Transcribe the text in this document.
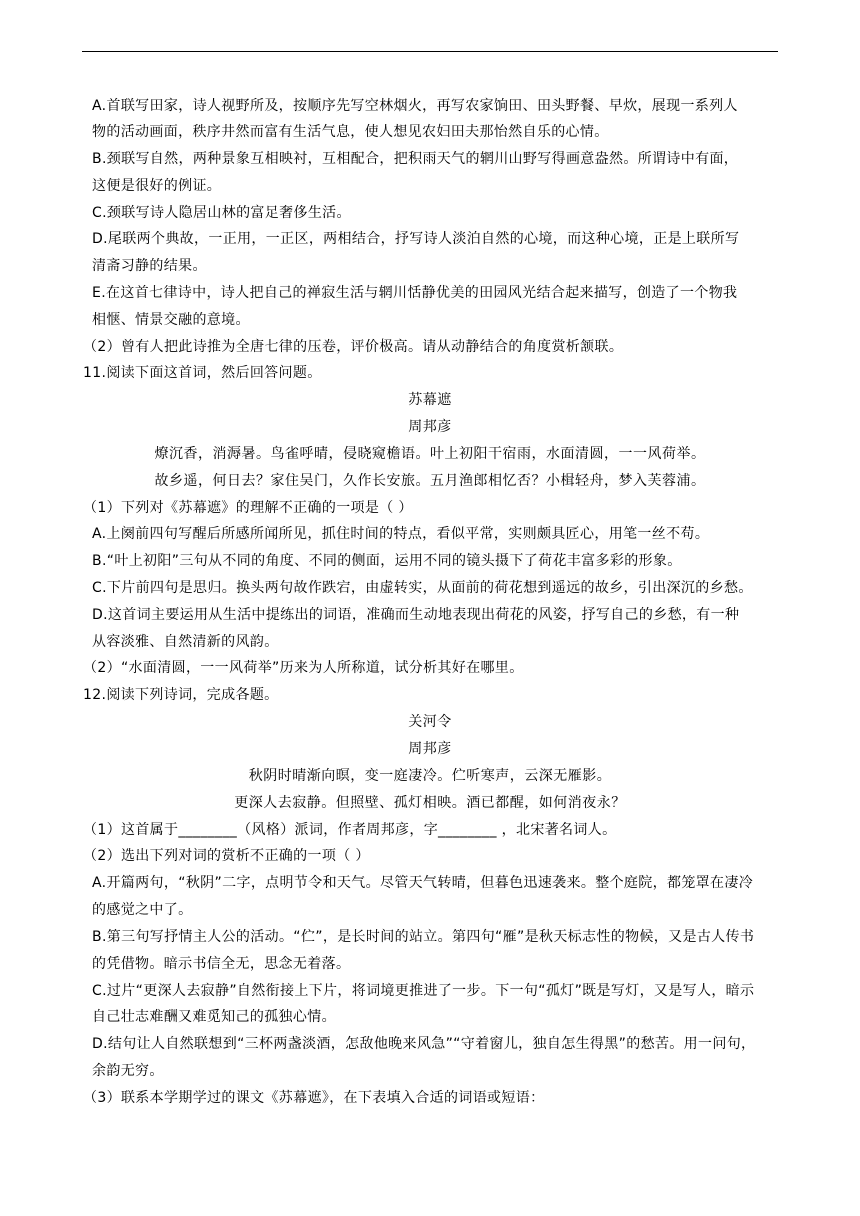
A.首联写田家，诗人视野所及，按顺序先写空林烟火，再写农家饷田、田头野餐、早炊，展现一系列人
物的活动画面，秩序井然而富有生活气息，使人想见农妇田夫那怡然自乐的心情。
B.颈联写自然，两种景象互相映衬，互相配合，把积雨天气的辋川山野写得画意盎然。所谓诗中有面，
这便是很好的例证。
C.颈联写诗人隐居山林的富足奢侈生活。
D.尾联两个典故，一正用，一正区，两相结合，抒写诗人淡泊自然的心境，而这种心境，正是上联所写
清斋习静的结果。
E.在这首七律诗中，诗人把自己的禅寂生活与辋川恬静优美的田园风光结合起来描写，创造了一个物我
相惬、情景交融的意境。
（2）曾有人把此诗推为全唐七律的压卷，评价极高。请从动静结合的角度赏析颔联。
11.阅读下面这首词，然后回答问题。
苏幕遮
周邦彦
燎沉香，消溽暑。鸟雀呼晴，侵晓窥檐语。叶上初阳干宿雨，水面清圆，一一风荷举。
故乡遥，何日去？家住吴门，久作长安旅。五月渔郎相忆否？小楫轻舟，梦入芙蓉浦。
（1）下列对《苏幕遮》的理解不正确的一项是（ ）
A.上阕前四句写醒后所感所闻所见，抓住时间的特点，看似平常，实则颇具匠心，用笔一丝不苟。
B.“叶上初阳”三句从不同的角度、不同的侧面，运用不同的镜头摄下了荷花丰富多彩的形象。
C.下片前四句是思归。换头两句故作跌宕，由虚转实，从面前的荷花想到遥远的故乡，引出深沉的乡愁。
D.这首词主要运用从生活中提练出的词语，准确而生动地表现出荷花的风姿，抒写自己的乡愁，有一种
从容淡雅、自然清新的风韵。
（2）“水面清圆，一一风荷举”历来为人所称道，试分析其好在哪里。
12.阅读下列诗词，完成各题。
关河令
周邦彦
秋阴时晴渐向暝，变一庭凄冷。伫听寒声，云深无雁影。
更深人去寂静。但照壁、孤灯相映。酒已都醒，如何消夜永？
（1）这首属于________（风格）派词，作者周邦彦，字________ ，北宋著名词人。
（2）选出下列对词的赏析不正确的一项（ ）
A.开篇两句，“秋阴”二字，点明节令和天气。尽管天气转晴，但暮色迅速袭来。整个庭院，都笼罩在凄冷
的感觉之中了。
B.第三句写抒情主人公的活动。“伫”，是长时间的站立。第四句“雁”是秋天标志性的物候，又是古人传书
的凭借物。暗示书信全无，思念无着落。
C.过片“更深人去寂静”自然衔接上下片，将词境更推进了一步。下一句“孤灯”既是写灯，又是写人，暗示
自己壮志难酬又难觅知己的孤独心情。
D.结句让人自然联想到“三杯两盏淡酒，怎敌他晚来风急”“守着窗儿，独自怎生得黑”的愁苦。用一问句，
余韵无穷。
（3）联系本学期学过的课文《苏幕遮》，在下表填入合适的词语或短语：
